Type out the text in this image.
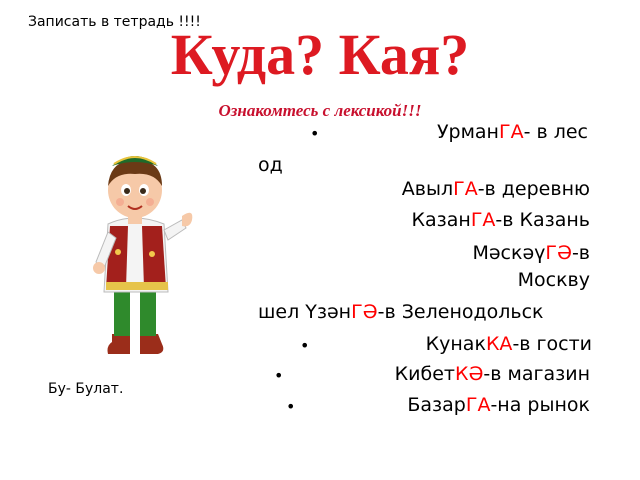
Записать в тетрадь !!!!
Куда? Кая?
Ознакомтесь с лексикой!!!
•	УрманГА- в лес
од
АвылГА-в деревню
КазанГА-в Казань
МәскәүГӘ-в
Москву
шел ҮзәнГӘ-в Зеленодольск
•	КунакКА-в гости
•	КибетКӘ-в магазин
•	БазарГА-на рынок
Бу- Булат.
